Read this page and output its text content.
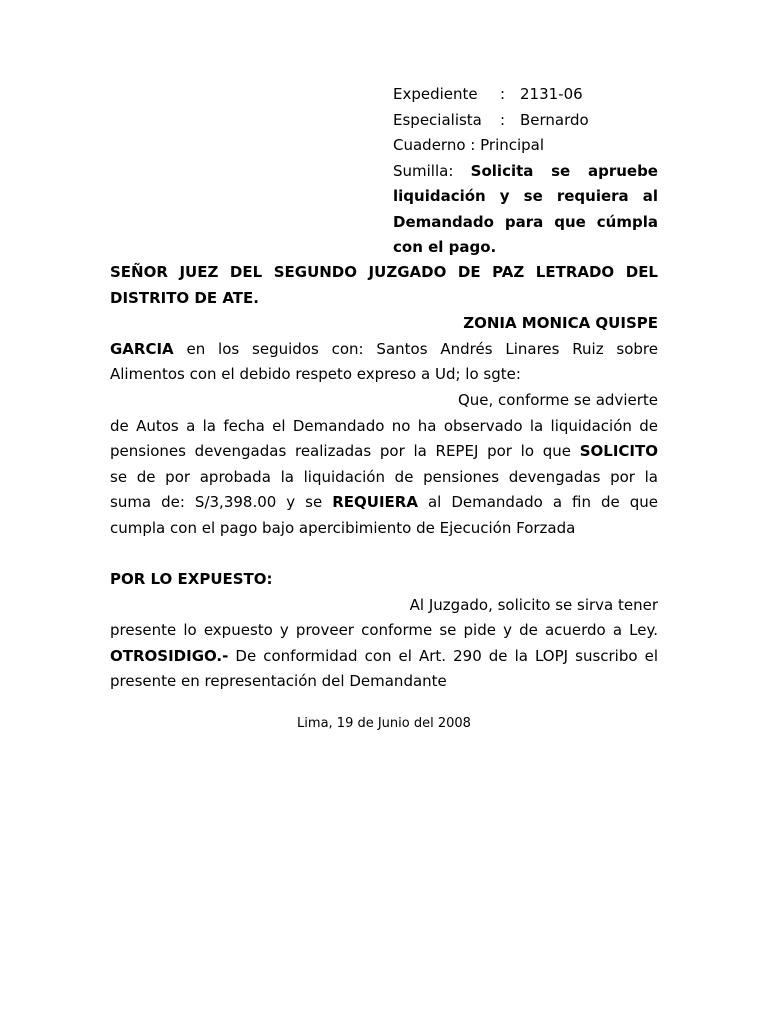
Expediente	: 2131-06
Especialista	: Bernardo
Cuaderno : Principal
Sumilla: Solicita se apruebe
liquidación y se requiera al
Demandado para que cúmpla
con el pago.
SEÑOR JUEZ DEL SEGUNDO JUZGADO DE PAZ LETRADO DEL
DISTRITO DE ATE.
ZONIA MONICA QUISPE
GARCIA en los seguidos con: Santos Andrés Linares Ruiz sobre
Alimentos con el debido respeto expreso a Ud; lo sgte:
Que, conforme se advierte
de Autos a la fecha el Demandado no ha observado la liquidación de
pensiones devengadas realizadas por la REPEJ por lo que SOLICITO
se de por aprobada la liquidación de pensiones devengadas por la
suma de: S/3,398.00 y se REQUIERA al Demandado a fin de que
cumpla con el pago bajo apercibimiento de Ejecución Forzada
POR LO EXPUESTO:
Al Juzgado, solicito se sirva tener
presente lo expuesto y proveer conforme se pide y de acuerdo a Ley.
OTROSIDIGO.- De conformidad con el Art. 290 de la LOPJ suscribo el
presente en representación del Demandante
Lima, 19 de Junio del 2008
